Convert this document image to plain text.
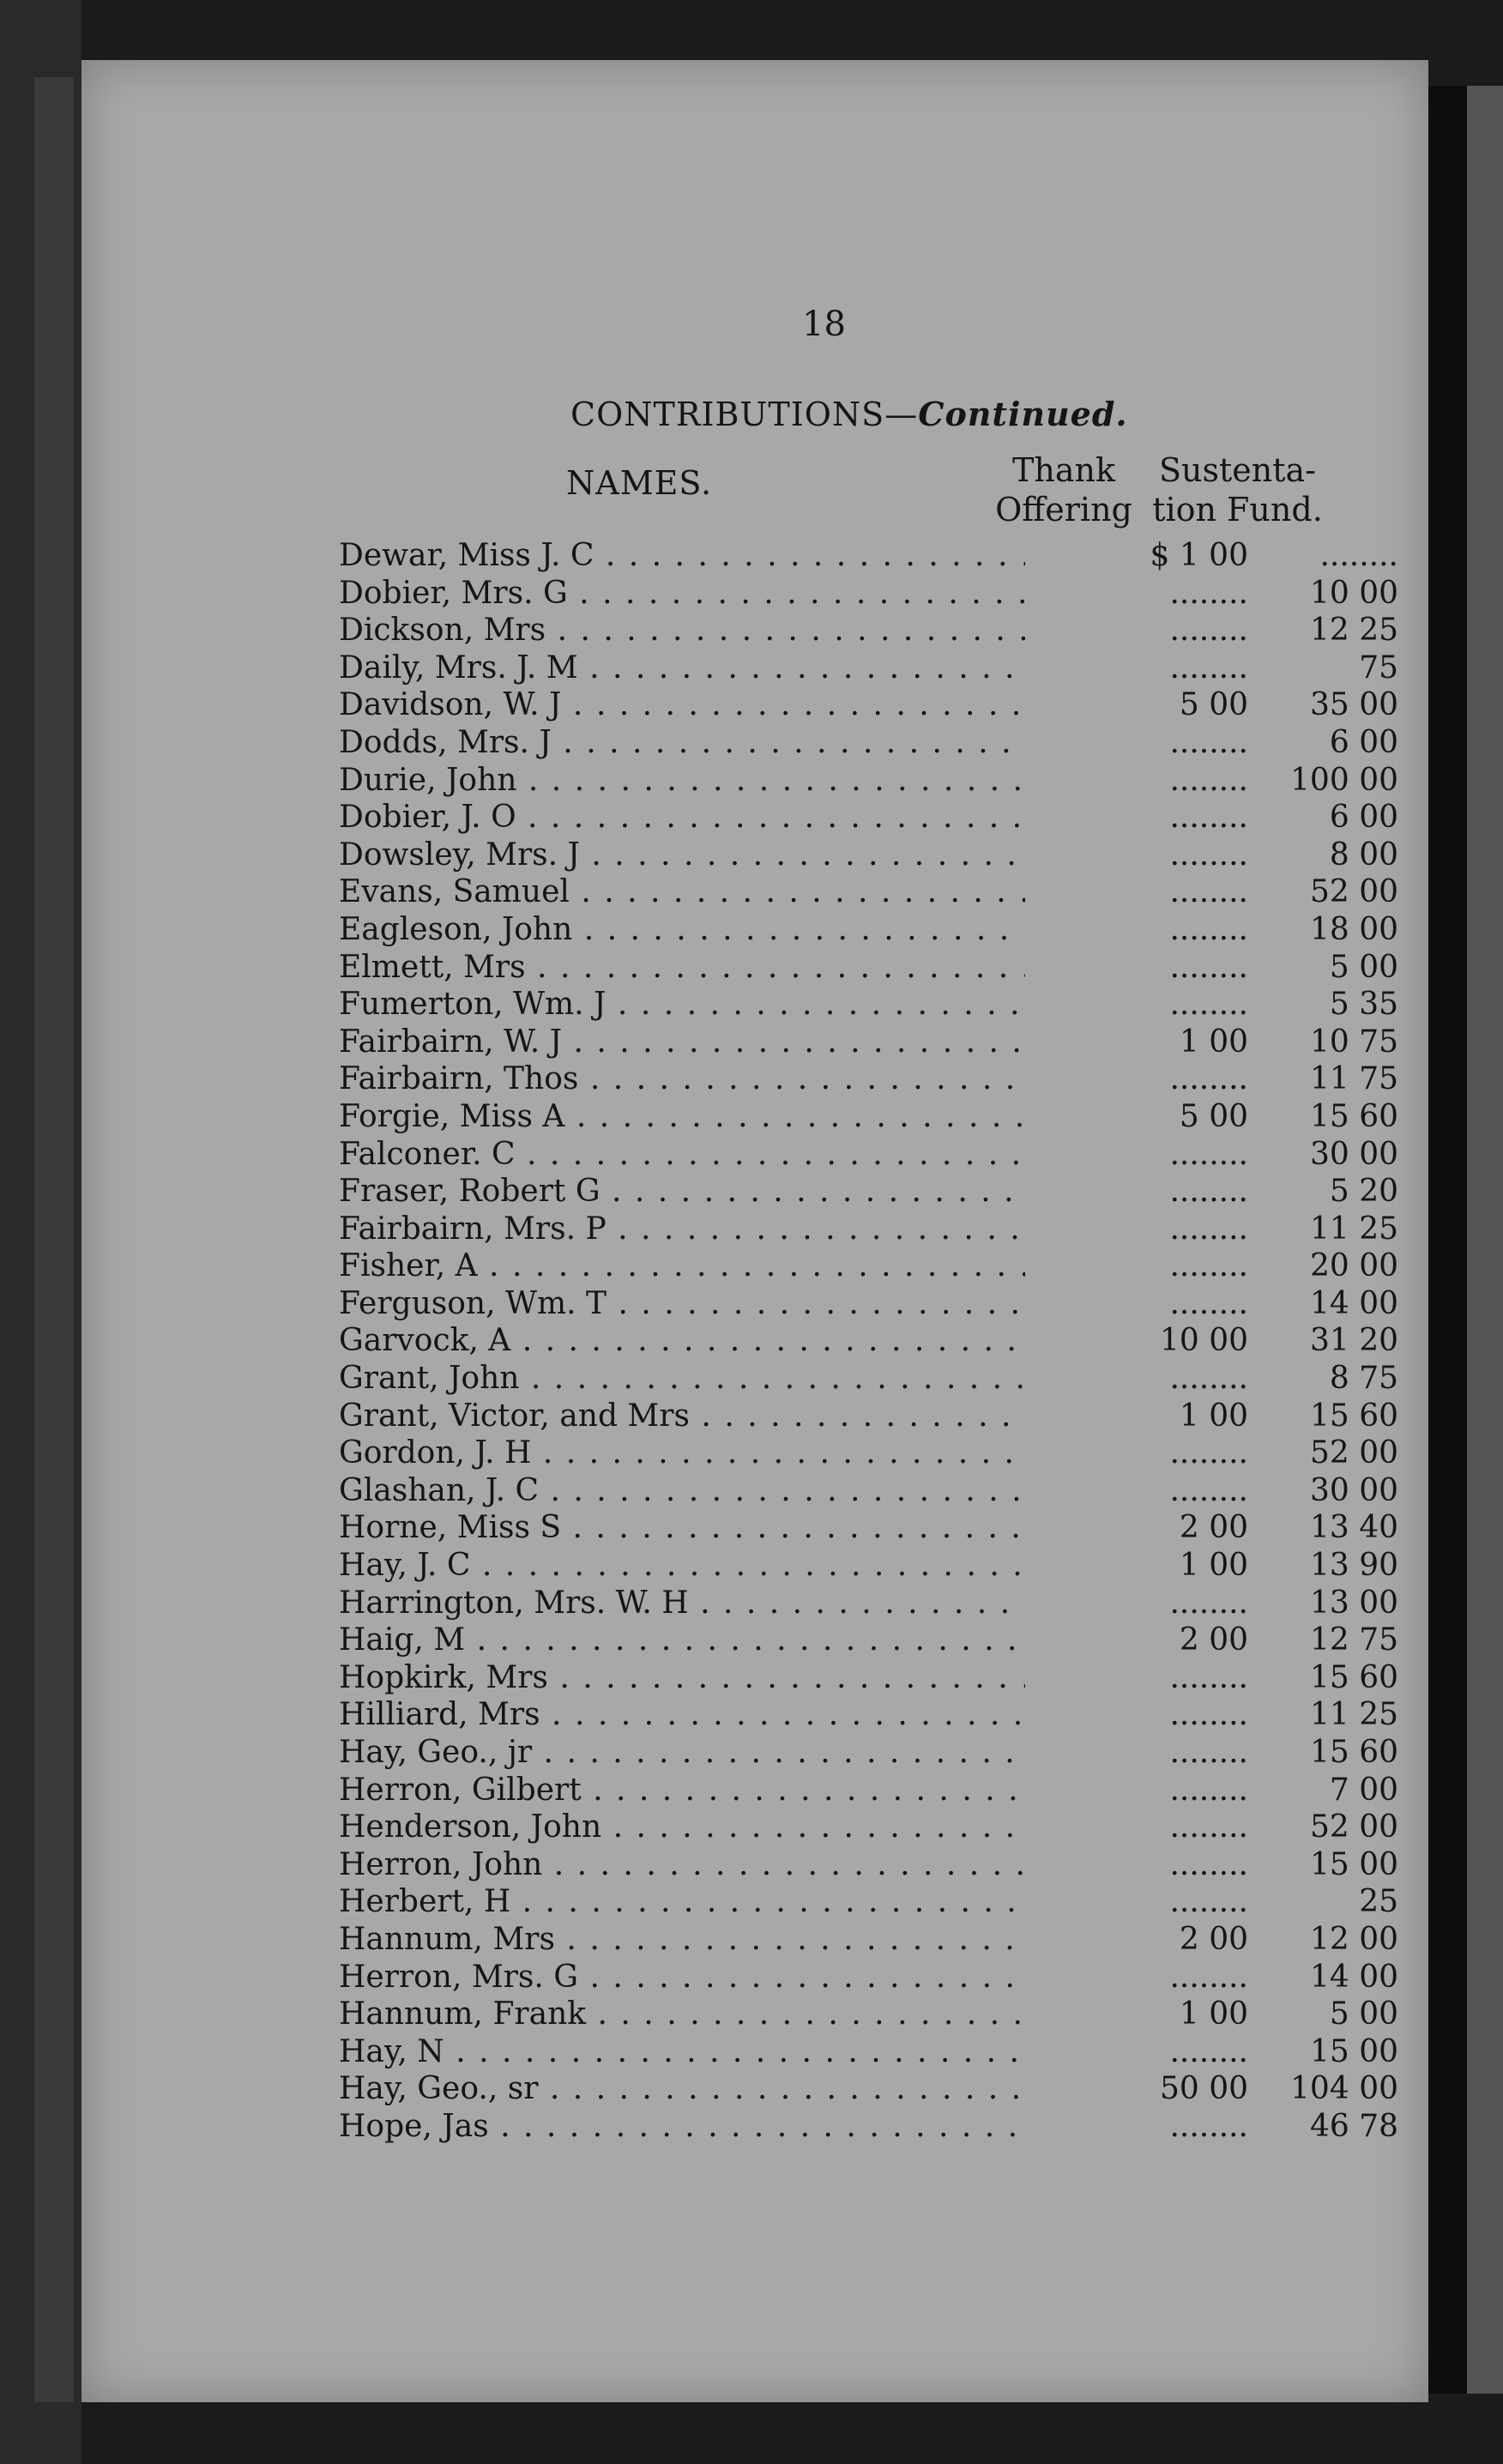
18
CONTRIBUTIONS—Continued.
NAMES.	Thank
Offering
Sustenta-
tion Fund.
Dewar, Miss J. C . . .	$ 1 00	........
Dobier, Mrs. G . . .	........	10 00
Dickson, Mrs . . .	........	12 25
Daily, Mrs. J. M . . .	........	75
Davidson, W. J . . .	5 00	35 00
Dodds, Mrs. J . . .	........	6 00
Durie, John . . .	........	100 00
Dobier, J. O . . .	........	6 00
Dowsley, Mrs. J . . .	........	8 00
Evans, Samuel . . .	........	52 00
Eagleson, John . . .	........	18 00
Elmett, Mrs . . .	........	5 00
Fumerton, Wm. J . . .	........	5 35
Fairbairn, W. J . . .	1 00	10 75
Fairbairn, Thos . . .	........	11 75
Forgie, Miss A . . .	5 00	15 60
Falconer. C . . .	........	30 00
Fraser, Robert G . . .	........	5 20
Fairbairn, Mrs. P . . .	........	11 25
Fisher, A . . .	........	20 00
Ferguson, Wm. T . . .	........	14 00
Garvock, A . . .	10 00	31 20
Grant, John . . .	........	8 75
Grant, Victor, and Mrs . . .	1 00	15 60
Gordon, J. H . . .	........	52 00
Glashan, J. C . . .	........	30 00
Horne, Miss S . . .	2 00	13 40
Hay, J. C . . .	1 00	13 90
Harrington, Mrs. W. H . . .	........	13 00
Haig, M . . .	2 00	12 75
Hopkirk, Mrs . . .	........	15 60
Hilliard, Mrs . . .	........	11 25
Hay, Geo., jr . . .	........	15 60
Herron, Gilbert . . .	........	7 00
Henderson, John . . .	........	52 00
Herron, John . . .	........	15 00
Herbert, H . . .	........	25
Hannum, Mrs . . .	2 00	12 00
Herron, Mrs. G . . .	........	14 00
Hannum, Frank . . .	1 00	5 00
Hay, N . . .	........	15 00
Hay, Geo., sr . . .	50 00	104 00
Hope, Jas . . .	........	46 78
